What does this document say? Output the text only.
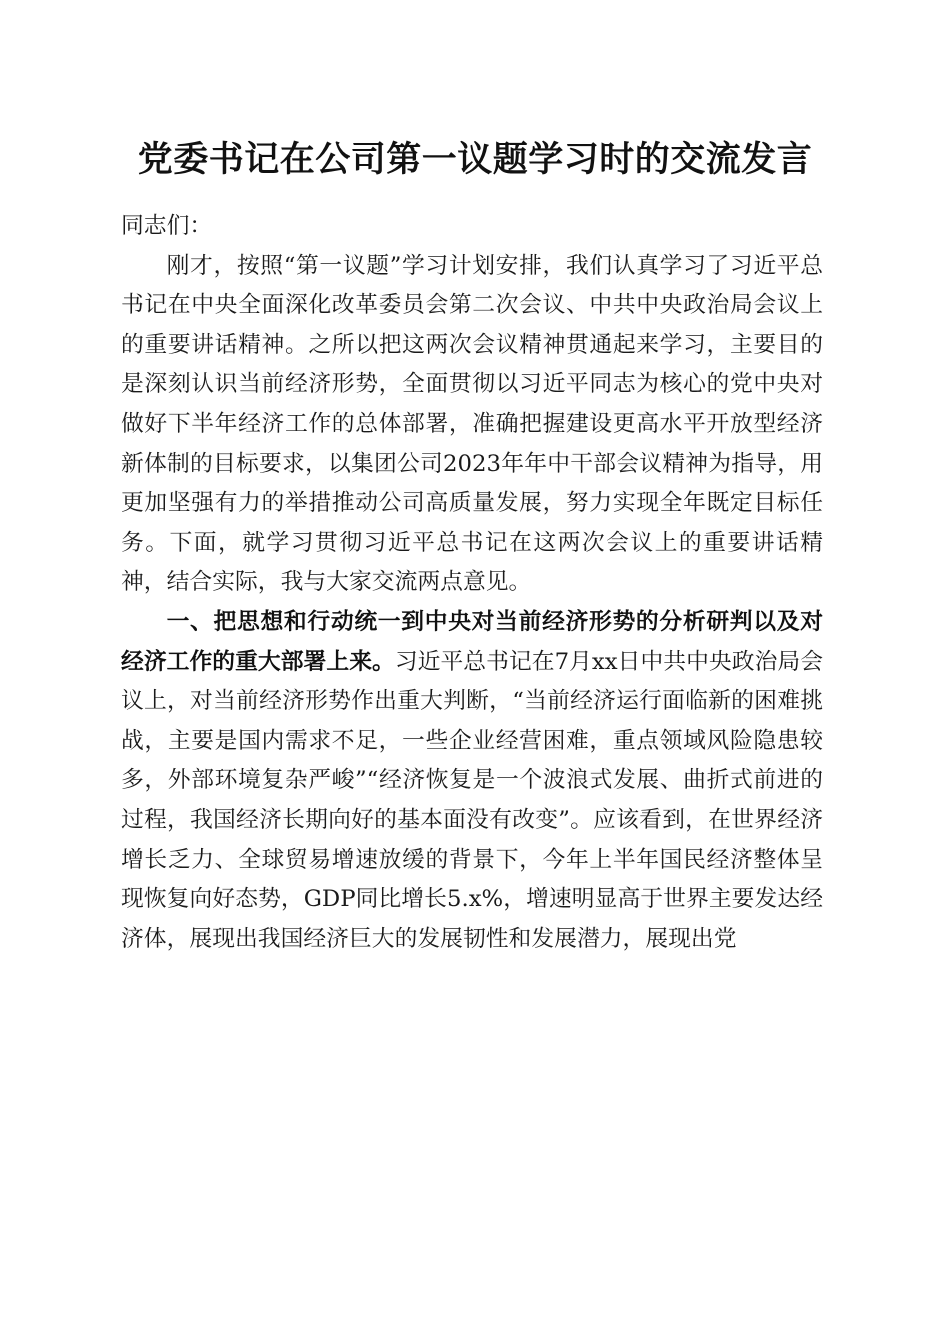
党委书记在公司第一议题学习时的交流发言

同志们：

刚才，按照“第一议题”学习计划安排，我们认真学习了习近平总书记在中央全面深化改革委员会第二次会议、中共中央政治局会议上的重要讲话精神。之所以把这两次会议精神贯通起来学习，主要目的是深刻认识当前经济形势，全面贯彻以习近平同志为核心的党中央对做好下半年经济工作的总体部署，准确把握建设更高水平开放型经济新体制的目标要求，以集团公司2023年年中干部会议精神为指导，用更加坚强有力的举措推动公司高质量发展，努力实现全年既定目标任务。下面，就学习贯彻习近平总书记在这两次会议上的重要讲话精神，结合实际，我与大家交流两点意见。

一、把思想和行动统一到中央对当前经济形势的分析研判以及对经济工作的重大部署上来。习近平总书记在7月xx日中共中央政治局会议上，对当前经济形势作出重大判断，“当前经济运行面临新的困难挑战，主要是国内需求不足，一些企业经营困难，重点领域风险隐患较多，外部环境复杂严峻”“经济恢复是一个波浪式发展、曲折式前进的过程，我国经济长期向好的基本面没有改变”。应该看到，在世界经济增长乏力、全球贸易增速放缓的背景下，今年上半年国民经济整体呈现恢复向好态势，GDP同比增长5.x%，增速明显高于世界主要发达经济体，展现出我国经济巨大的发展韧性和发展潜力，展现出党
